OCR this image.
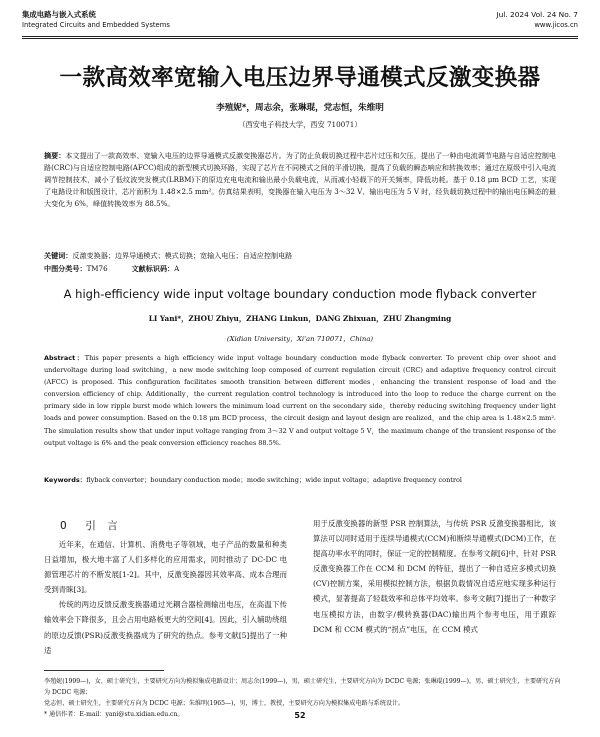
集成电路与嵌入式系统
Integrated Circuits and Embedded Systems
Jul. 2024 Vol. 24 No. 7
www.jicos.cn
一款高效率宽输入电压边界导通模式反激变换器
李殖妮*，周志余，张琳琨，党志恒，朱维明
（西安电子科技大学，西安 710071）
摘要：本文提出了一款高效率、宽输入电压的边界导通模式反激变换器芯片。为了防止负载切换过程中芯片过压和欠压，提出了一种由电流调节电路与自适应控制电路(CRC)与自适应控制电路(AFCC)组成的新型模式切换环路，实现了芯片在不同模式之间的平滑切换，提高了负载的瞬态响应和转换效率；通过在原级中引入电流调节控制技术，减小了低纹波突发模式(LRBM)下的原边充电电流和输出最小负载电流，从而减小轻载下的开关频率，降低功耗。基于 0.18 μm BCD 工艺，实现了电路设计和版图设计，芯片面积为 1.48×2.5 mm²。仿真结果表明，变换器在输入电压为 3～32 V、输出电压为 5 V 时，经负载切换过程中的输出电压瞬态的最大变化为 6%，峰值转换效率为 88.5%。
关键词：反激变换器；边界导通模式；模式切换；宽输入电压；自适应控制电路
中图分类号：TM76	文献标识码：A
A high-efficiency wide input voltage boundary conduction mode flyback converter
LI Yani*，ZHOU Zhiyu，ZHANG Linkun，DANG Zhixuan，ZHU Zhangming
(Xidian University，Xi'an 710071，China)
Abstract：This paper presents a high efficiency wide input voltage boundary conduction mode flyback converter. To prevent chip over shoot and undervoltage during load switching，a new mode switching loop composed of current regulation circuit (CRC) and adaptive frequency control circuit (AFCC) is proposed. This configuration facilitates smooth transition between different modes，enhancing the transient response of load and the conversion efficiency of chip. Additionally，the current regulation control technology is introduced into the loop to reduce the charge current on the primary side in low ripple burst mode which lowers the minimum load current on the secondary side，thereby reducing switching frequency under light loads and power consumption. Based on the 0.18 μm BCD process，the circuit design and layout design are realized，and the chip area is 1.48×2.5 mm². The simulation results show that under input voltage ranging from 3～32 V and output voltage 5 V，the maximum change of the transient response of the output voltage is 6% and the peak conversion efficiency reaches 88.5%.
Keywords：flyback converter；boundary conduction mode；mode switching；wide input voltage；adaptive frequency control
0 引 言

近年来，在通信、计算机、消费电子等领域，电子产品的数量和种类日益增加，极大地丰富了人们多样化的应用需求，同时推动了 DC-DC 电源管理芯片的不断发展[1-2]。其中，反激变换器因其效率高、成本合理而受到青睐[3]。

传统的两边反馈反激变换器通过光耦合器检测输出电压，在高温下传输效率会下降很多，且会占用电路板更大的空间[4]。因此，引入辅助绕组的原边反馈(PSR)反激变换器成为了研究的热点。参考文献[5]提出了一种适

用于反激变换器的新型 PSR 控制算法，与传统 PSR 反激变换器相比，该算法可以同时适用于连续导通模式(CCM)和断续导通模式(DCM)工作，在提高功率水平的同时，保证一定的控制精度。在参考文献[6]中，针对 PSR 反激变换器工作在 CCM 和 DCM 的特征，提出了一种自适应多模式切换(CV)控制方案，采用模拟控制方法，根据负载情况自适应地实现多种运行模式，显著提高了轻载效率和总体平均效率。参考文献[7]提出了一种数字电压模拟方法，由数字/模转换器(DAC)输出两个参考电压，用于跟踪 DCM 和 CCM 模式的“拐点”电压，在 CCM 模式

李殖妮(1999—)，女，硕士研究生，主要研究方向为模拟集成电路设计；周志余(1999—)，男，硕士研究生，主要研究方向为 DCDC 电源；张琳琨(1999—)，男，硕士研究生，主要研究方向为 DCDC 电源；
党志恒，硕士研究生，主要研究方向为 DCDC 电源；朱维明(1965—)，男，博士，教授，主要研究方向为模拟集成电路与系统设计。
* 通信作者：E-mail：yani@stu.xidian.edu.cn。	52
